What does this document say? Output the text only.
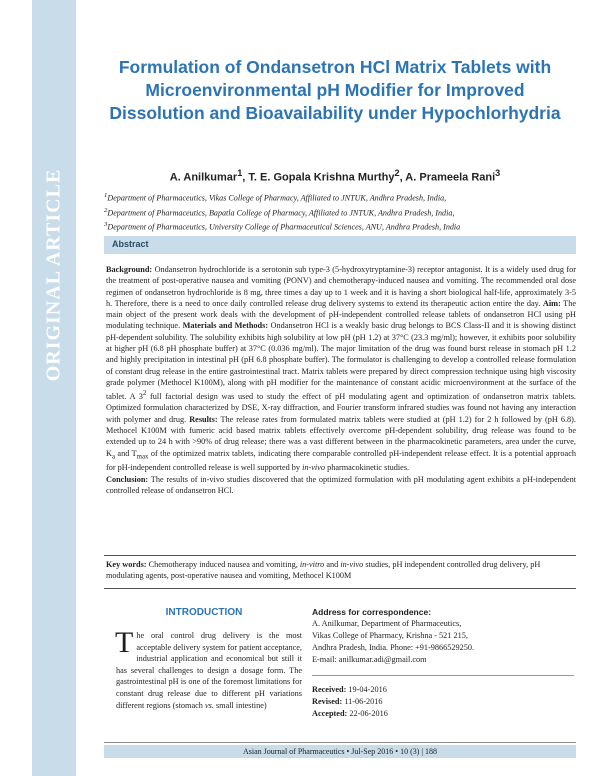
ORIGINAL ARTICLE
Formulation of Ondansetron HCl Matrix Tablets with Microenvironmental pH Modifier for Improved Dissolution and Bioavailability under Hypochlorhydria
A. Anilkumar$^1$, T. E. Gopala Krishna Murthy$^2$, A. Prameela Rani$^3$
$^1$Department of Pharmaceutics, Vikas College of Pharmacy, Affiliated to JNTUK, Andhra Pradesh, India,
$^2$Department of Pharmaceutics, Bapatla College of Pharmacy, Affiliated to JNTUK, Andhra Pradesh, India,
$^3$Department of Pharmaceutics, University College of Pharmaceutical Sciences, ANU, Andhra Pradesh, India
Abstract

Background: Ondansetron hydrochloride is a serotonin sub type-3 (5-hydroxytryptamine-3) receptor antagonist. It is a widely used drug for the treatment of post-operative nausea and vomiting (PONV) and chemotherapy-induced nausea and vomiting. The recommended oral dose regimen of ondansetron hydrochloride is 8 mg, three times a day up to 1 week and it is having a short biological half-life, approximately 3-5 h. Therefore, there is a need to once daily controlled release drug delivery systems to extend its therapeutic action entire the day. Aim: The main object of the present work deals with the development of pH-independent controlled release tablets of ondansetron HCl using pH modulating technique. Materials and Methods: Ondansetron HCl is a weakly basic drug belongs to BCS Class-II and it is showing distinct pH-dependent solubility. The solubility exhibits high solubility at low pH (pH 1.2) at 37°C (23.3 mg/ml); however, it exhibits poor solubility at higher pH (6.8 pH phosphate buffer) at 37°C (0.036 mg/ml). The major limitation of the drug was found burst release in stomach pH 1.2 and highly precipitation in intestinal pH (pH 6.8 phosphate buffer). The formulator is challenging to develop a controlled release formulation of constant drug release in the entire gastrointestinal tract. Matrix tablets were prepared by direct compression technique using high viscosity grade polymer (Methocel K100M), along with pH modifier for the maintenance of constant acidic microenvironment at the surface of the tablet. A $3^2$ full factorial design was used to study the effect of pH modulating agent and optimization of ondansetron matrix tablets. Optimized formulation characterized by DSE, X-ray diffraction, and Fourier transform infrared studies was found not having any interaction with polymer and drug. Results: The release rates from formulated matrix tablets were studied at (pH 1.2) for 2 h followed by (pH 6.8). Methocel K100M with fumeric acid based matrix tablets effectively overcome pH-dependent solubility, drug release was found to be extended up to 24 h with >90% of drug release; there was a vast different between in the pharmacokinetic parameters, area under the curve, $K_a$ and $T_{max}$ of the optimized matrix tablets, indicating there comparable controlled pH-independent release effect. It is a potential approach for pH-independent controlled release is well supported by in-vivo pharmacokinetic studies.

Conclusion: The results of in-vivo studies discovered that the optimized formulation with pH modulating agent exhibits a pH-independent controlled release of ondansetron HCl.

Key words: Chemotherapy induced nausea and vomiting, in-vitro and in-vivo studies, pH independent controlled drug delivery, pH modulating agents, post-operative nausea and vomiting, Methocel K100M
INTRODUCTION
The oral control drug delivery is the most acceptable delivery system for patient acceptance, industrial application and economical but still it has several challenges to design a dosage form. The gastrointestinal pH is one of the foremost limitations for constant drug release due to different pH variations different regions (stomach vs. small intestine)
Address for correspondence:
A. Anilkumar, Department of Pharmaceutics,
Vikas College of Pharmacy, Krishna - 521 215,
Andhra Pradesh, India. Phone: +91-9866529250.
E-mail: anilkumar.adi@gmail.com
Received: 19-04-2016
Revised: 11-06-2016
Accepted: 22-06-2016
Asian Journal of Pharmaceutics • Jul-Sep 2016 • 10 (3) | 188
